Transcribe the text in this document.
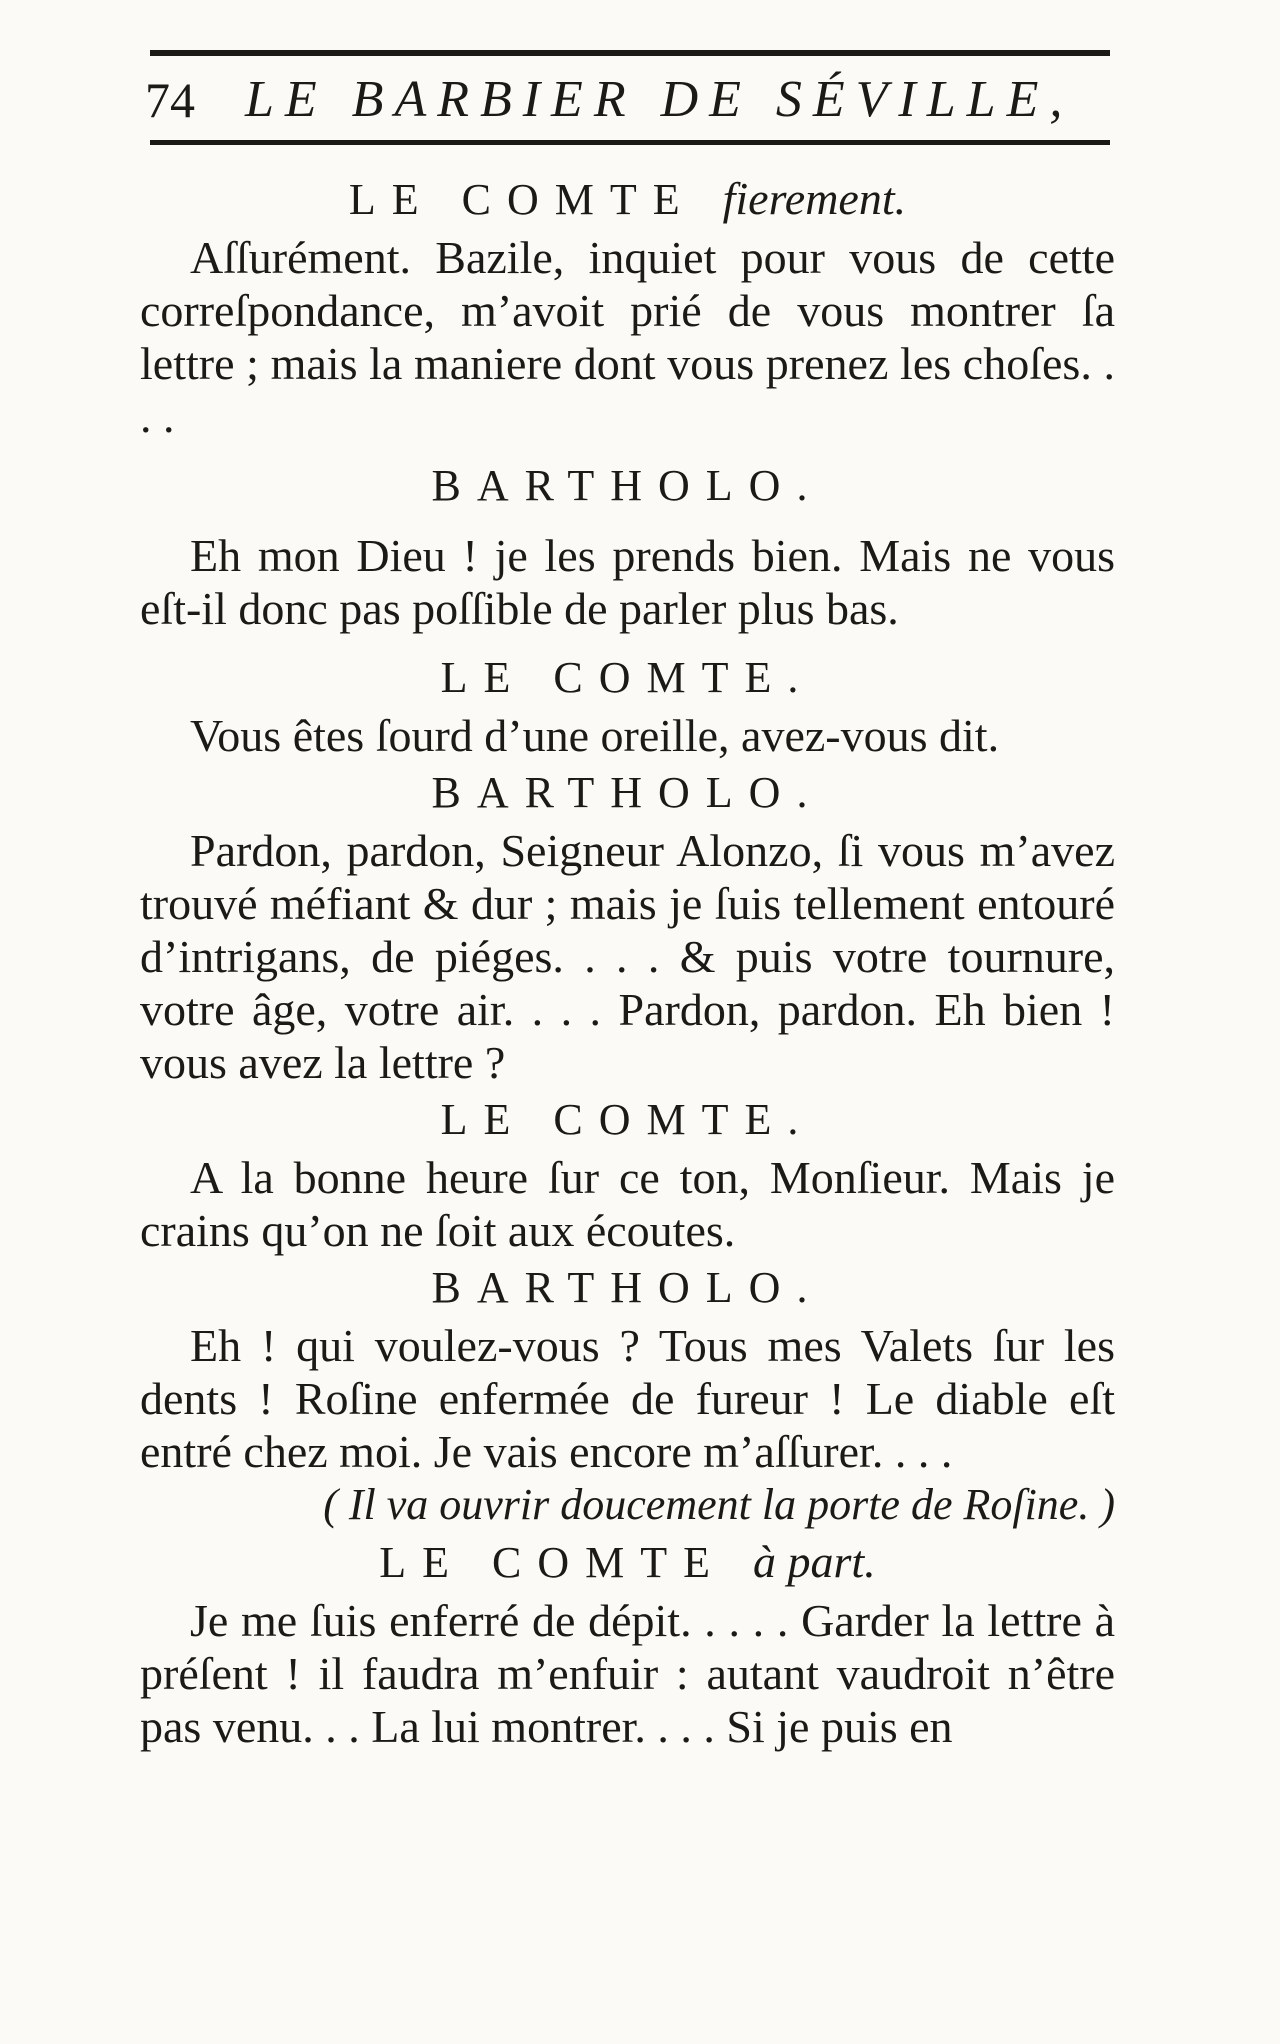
74 LE BARBIER DE SÉVILLE,

LE COMTE fierement.

Aſſurément. Bazile, inquiet pour vous de cette correſpondance, m’avoit prié de vous montrer ſa lettre ; mais la maniere dont vous prenez les choſes. . . .

BARTHOLO.

Eh mon Dieu ! je les prends bien. Mais ne vous eſt-il donc pas poſſible de parler plus bas.

LE COMTE.

Vous êtes ſourd d’une oreille, avez-vous dit.

BARTHOLO.

Pardon, pardon, Seigneur Alonzo, ſi vous m’avez trouvé méfiant & dur ; mais je ſuis tellement entouré d’intrigans, de piéges. . . . & puis votre tournure, votre âge, votre air. . . . Pardon, pardon. Eh bien ! vous avez la lettre ?

LE COMTE.

A la bonne heure ſur ce ton, Monſieur. Mais je crains qu’on ne ſoit aux écoutes.

BARTHOLO.

Eh ! qui voulez-vous ? Tous mes Valets ſur les dents ! Roſine enfermée de fureur ! Le diable eſt entré chez moi. Je vais encore m’aſſurer. . . .

( Il va ouvrir doucement la porte de Roſine. )

LE COMTE à part.

Je me ſuis enferré de dépit. . . . . Garder la lettre à préſent ! il faudra m’enfuir : autant vaudroit n’être pas venu. . . La lui montrer. . . . Si je puis en
